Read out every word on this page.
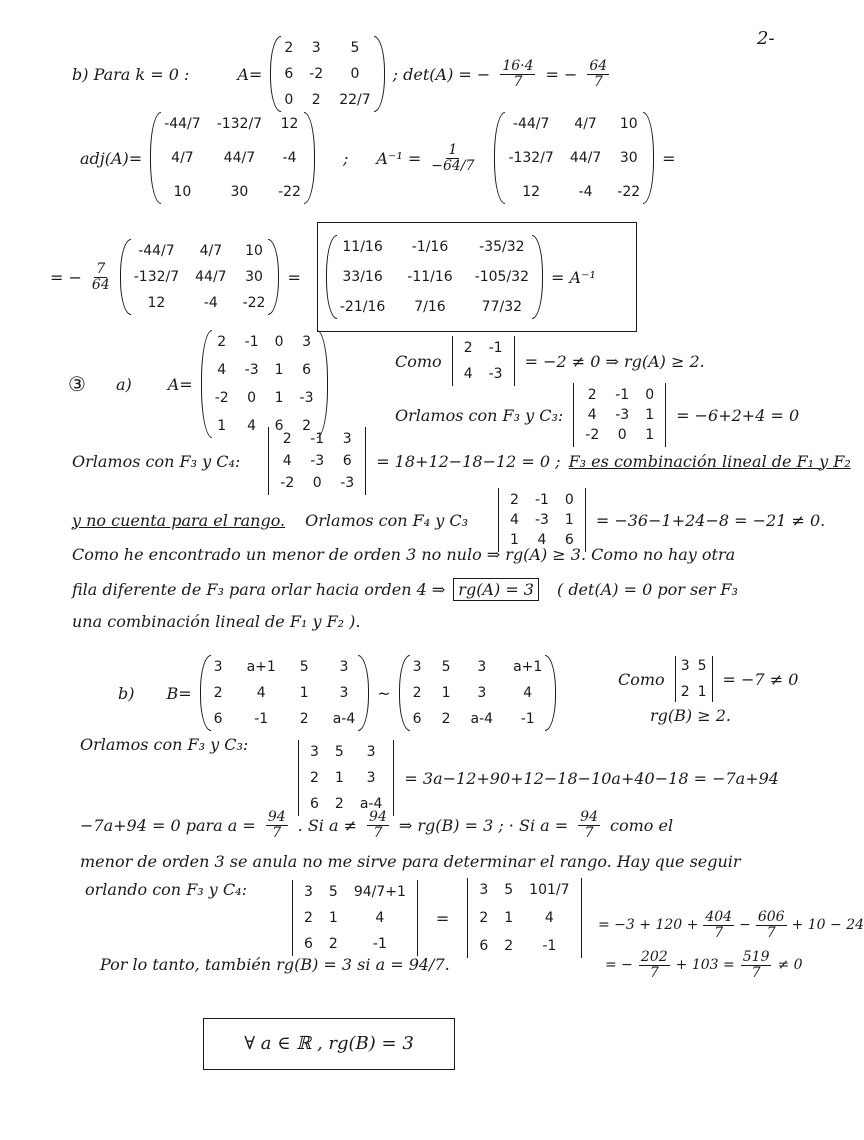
2-
b) Para k = 0 :	A=
2 3	5
6 -2	0
0 2 22/7
; det(A) = − $\frac{16\cdot 4}{7}$ = − $\frac{64}{7}$
adj(A)=
-44/7 -132/7 12
4/7	44/7	-4
10	30	-22
; $A^{-1} = \frac{1}{-64/7}$
-44/7	4/7	10
-132/7 44/7 30
12	-4	-22
=
= − $\frac{7}{64}$
-44/7	4/7	10
-132/7 44/7 30
12	-4	-22
=
11/16	-1/16	-35/32
33/16 -11/16 -105/32
-21/16	7/16	77/32
= A⁻¹
③ a) A=
2 -1 0 3
4 -3 1 6
-2 0 1 -3
1 4 6 2
Como
2 -1
4 -3
= −2 ≠ 0 ⇒ rg(A) ≥ 2.
Orlamos con F₃ y C₃:
2 -1 0
4 -3 1
-2 0 1
= −6+2+4 = 0
Orlamos con F₃ y C₄:
2 -1 3
4 -3 6
-2 0 -3
= 18+12−18−12 = 0 ; F₃ es combinación lineal de F₁ y F₂
y no cuenta para el rango. Orlamos con F₄ y C₃
2 -1 0
4 -3 1
1 4 6
= −36−1+24−8 = −21 ≠ 0.
Como he encontrado un menor de orden 3 no nulo ⇒ rg(A) ≥ 3. Como no hay otra
fila diferente de F₃ para orlar hacia orden 4 ⇒ rg(A) = 3	( det(A) = 0 por ser F₃
una combinación lineal de F₁ y F₂ ).
b) B=
3 a+1 5	3
2	4	1	3
6	-1	2 a-4
~
3 5	3	a+1
2 1	3	4
6 2 a-4	-1
Como
3 5
2 1
= −7 ≠ 0
rg(B) ≥ 2.
Orlamos con F₃ y C₃:	3 5	3
2 1	3
6 2 a-4
= 3a−12+90+12−18−10a+40−18 = −7a+94
−7a+94 = 0 para $a = \frac{94}{7}$ . Si $a \ne \frac{94}{7}$ ⇒ rg(B) = 3 ; · Si $a = \frac{94}{7}$ como el
menor de orden 3 se anula no me sirve para determinar el rango. Hay que seguir
orlando con F₃ y C₄:	3 5 94/7+1
2 1	4
6 2	-1
=
3 5 101/7
2 1	4
6 2	-1
= $-3 + 120 + \frac{404}{7} - \frac{606}{7} + 10 - 24$
= − $\frac{202}{7} + 103 = \frac{519}{7} \ne 0$
Por lo tanto, también rg(B) = 3 si a = 94/7.
∀ a ∈ ℝ , rg(B) = 3
